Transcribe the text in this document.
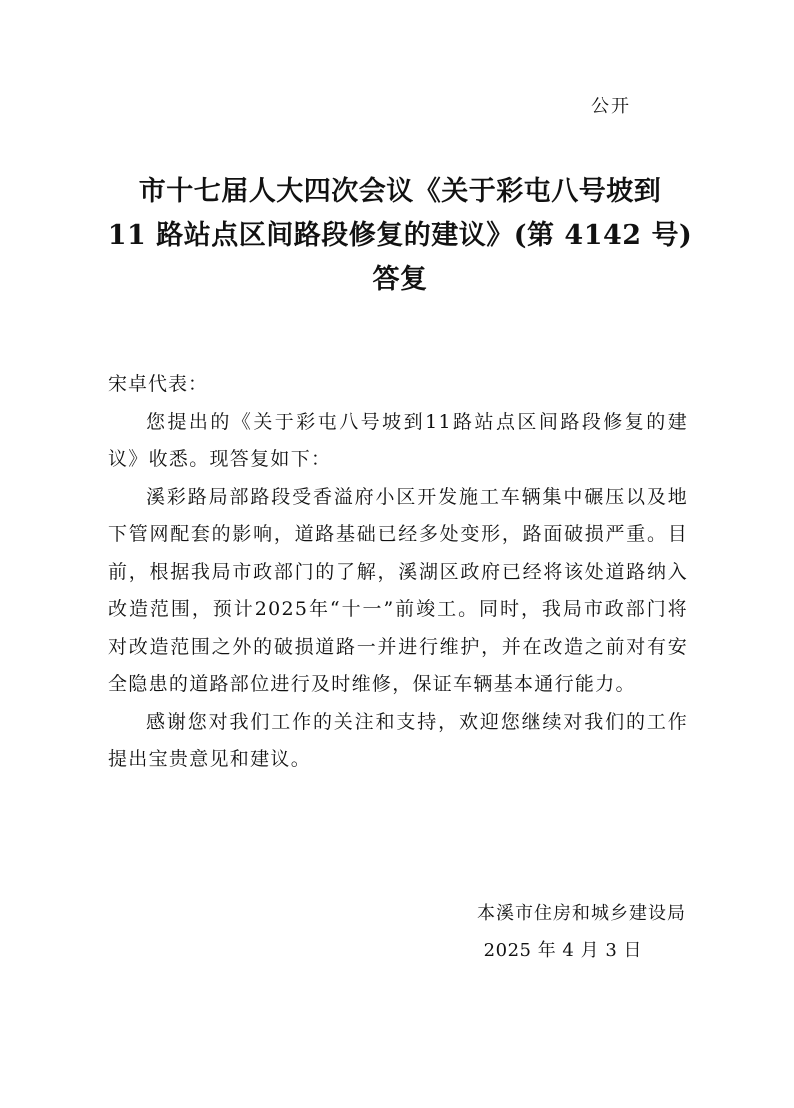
公开
市十七届人大四次会议《关于彩屯八号坡到
11 路站点区间路段修复的建议》(第 4142 号)
答复

宋卓代表：

您提出的《关于彩屯八号坡到11路站点区间路段修复的建议》收悉。现答复如下：

溪彩路局部路段受香溢府小区开发施工车辆集中碾压以及地下管网配套的影响，道路基础已经多处变形，路面破损严重。目前，根据我局市政部门的了解，溪湖区政府已经将该处道路纳入改造范围，预计2025年“十一”前竣工。同时，我局市政部门将对改造范围之外的破损道路一并进行维护，并在改造之前对有安全隐患的道路部位进行及时维修，保证车辆基本通行能力。

感谢您对我们工作的关注和支持，欢迎您继续对我们的工作提出宝贵意见和建议。

本溪市住房和城乡建设局
2025 年 4 月 3 日
